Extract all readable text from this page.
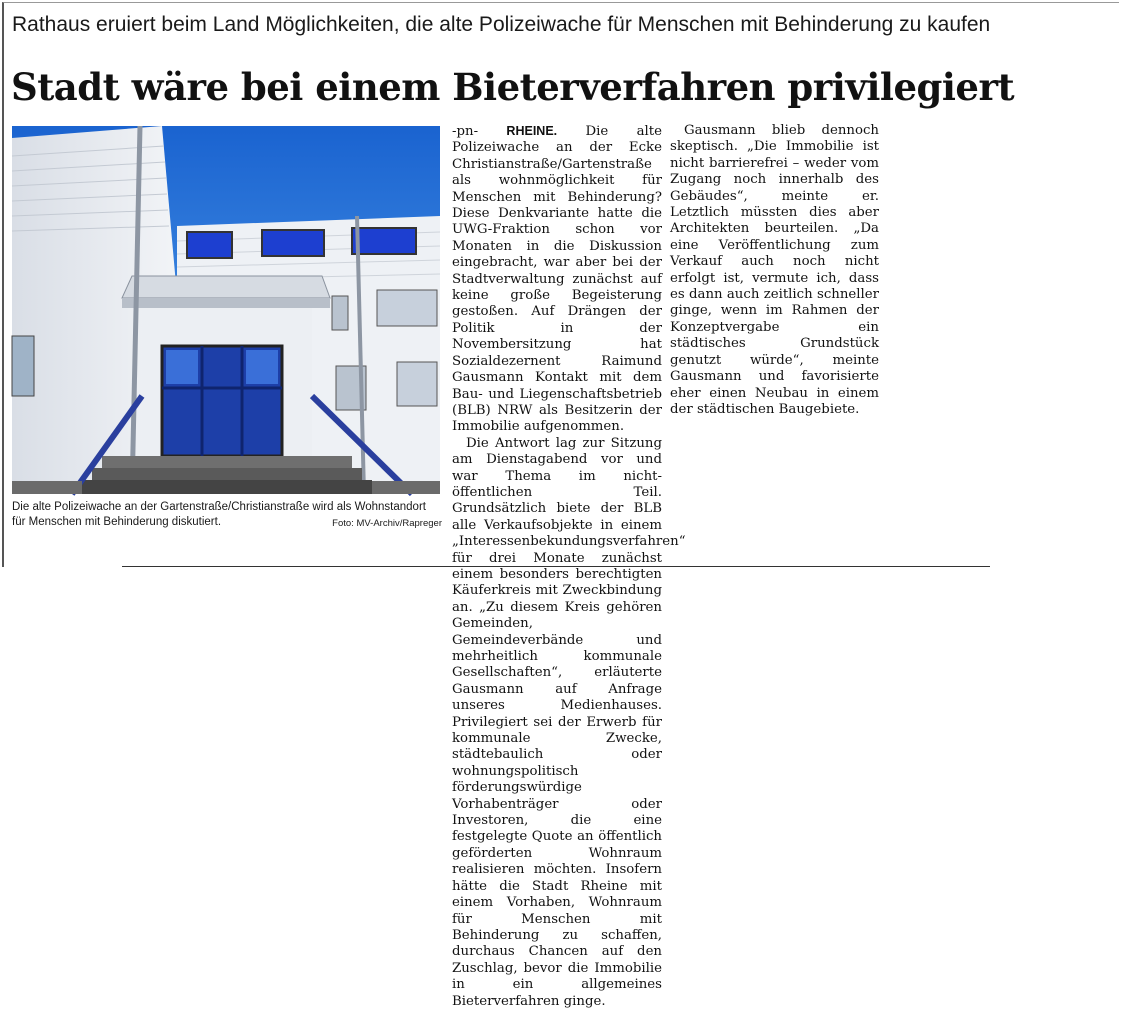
Rathaus eruiert beim Land Möglichkeiten, die alte Polizeiwache für Menschen mit Behinderung zu kaufen
Stadt wäre bei einem Bieterverfahren privilegiert
Die alte Polizeiwache an der Gartenstraße/Christianstraße wird als Wohnstandort für Menschen mit Behinderung diskutiert.	Foto: MV-Archiv/Rapreger

-pn- RHEINE. Die alte Polizeiwache an der Ecke Christianstraße/Gartenstraße als wohnmöglichkeit für Menschen mit Behinderung? Diese Denkvariante hatte die UWG-Fraktion schon vor Monaten in die Diskussion eingebracht, war aber bei der Stadtverwaltung zunächst auf keine große Begeisterung gestoßen. Auf Drängen der Politik in der Novembersitzung hat Sozialdezernent Raimund Gausmann Kontakt mit dem Bau- und Liegenschaftsbetrieb (BLB) NRW als Besitzerin der Immobilie aufgenommen.

Die Antwort lag zur Sitzung am Dienstagabend vor und war Thema im nicht-öffentlichen Teil. Grundsätzlich biete der BLB alle Verkaufsobjekte in einem „Interessenbekundungsverfahren“ für drei Monate zunächst einem besonders berechtigten Käuferkreis mit Zweckbindung an. „Zu diesem Kreis gehören Gemeinden, Gemeindeverbände und mehrheitlich kommunale Gesellschaften“, erläuterte Gausmann auf Anfrage unseres Medienhauses. Privilegiert sei der Erwerb für kommunale Zwecke, städtebaulich oder wohnungspolitisch förderungswürdige Vorhabenträger oder Investoren, die eine festgelegte Quote an öffentlich geförderten Wohnraum realisieren möchten. Insofern hätte die Stadt Rheine mit einem Vorhaben, Wohnraum für Menschen mit Behinderung zu schaffen, durchaus Chancen auf den Zuschlag, bevor die Immobilie in ein allgemeines Bieterverfahren ginge.

Gausmann blieb dennoch skeptisch. „Die Immobilie ist nicht barrierefrei – weder vom Zugang noch innerhalb des Gebäudes“, meinte er. Letztlich müssten dies aber Architekten beurteilen. „Da eine Veröffentlichung zum Verkauf auch noch nicht erfolgt ist, vermute ich, dass es dann auch zeitlich schneller ginge, wenn im Rahmen der Konzeptvergabe ein städtisches Grundstück genutzt würde“, meinte Gausmann und favorisierte eher einen Neubau in einem der städtischen Baugebiete.
